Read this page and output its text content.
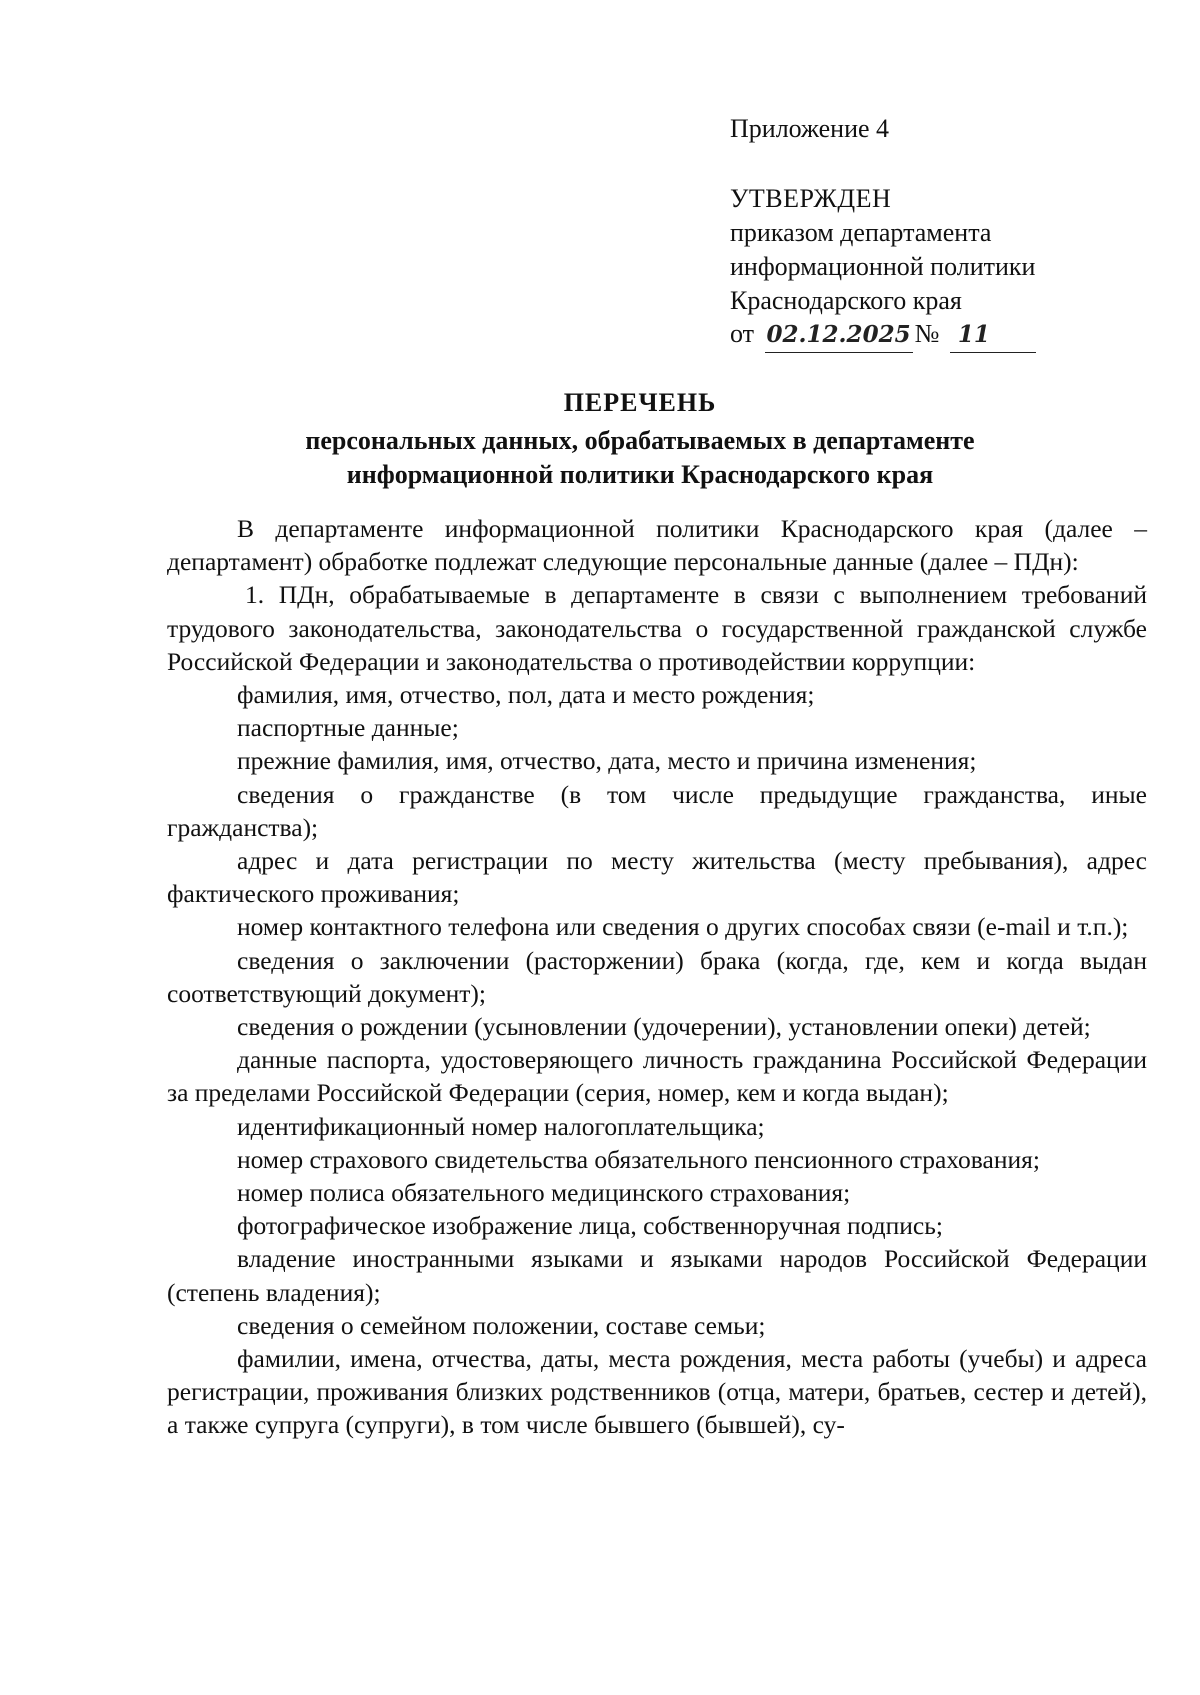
Приложение 4
УТВЕРЖДЕН
приказом департамента
информационной политики
Краснодарского края
от 02.12.2025 № 11
ПЕРЕЧЕНЬ
персональных данных, обрабатываемых в департаменте
информационной политики Краснодарского края

В департаменте информационной политики Краснодарского края (далее – департамент) обработке подлежат следующие персональные данные (далее – ПДн):

1. ПДн, обрабатываемые в департаменте в связи с выполнением требований трудового законодательства, законодательства о государственной гражданской службе Российской Федерации и законодательства о противодействии коррупции:

фамилия, имя, отчество, пол, дата и место рождения;

паспортные данные;

прежние фамилия, имя, отчество, дата, место и причина изменения;

сведения о гражданстве (в том числе предыдущие гражданства, иные гражданства);

адрес и дата регистрации по месту жительства (месту пребывания), адрес фактического проживания;

номер контактного телефона или сведения о других способах связи (e-mail и т.п.);

сведения о заключении (расторжении) брака (когда, где, кем и когда выдан соответствующий документ);

сведения о рождении (усыновлении (удочерении), установлении опеки) детей;

данные паспорта, удостоверяющего личность гражданина Российской Федерации за пределами Российской Федерации (серия, номер, кем и когда выдан);

идентификационный номер налогоплательщика;

номер страхового свидетельства обязательного пенсионного страхования;

номер полиса обязательного медицинского страхования;

фотографическое изображение лица, собственноручная подпись;

владение иностранными языками и языками народов Российской Федерации (степень владения);

сведения о семейном положении, составе семьи;

фамилии, имена, отчества, даты, места рождения, места работы (учебы) и адреса регистрации, проживания близких родственников (отца, матери, братьев, сестер и детей), а также супруга (супруги), в том числе бывшего (бывшей), су-
